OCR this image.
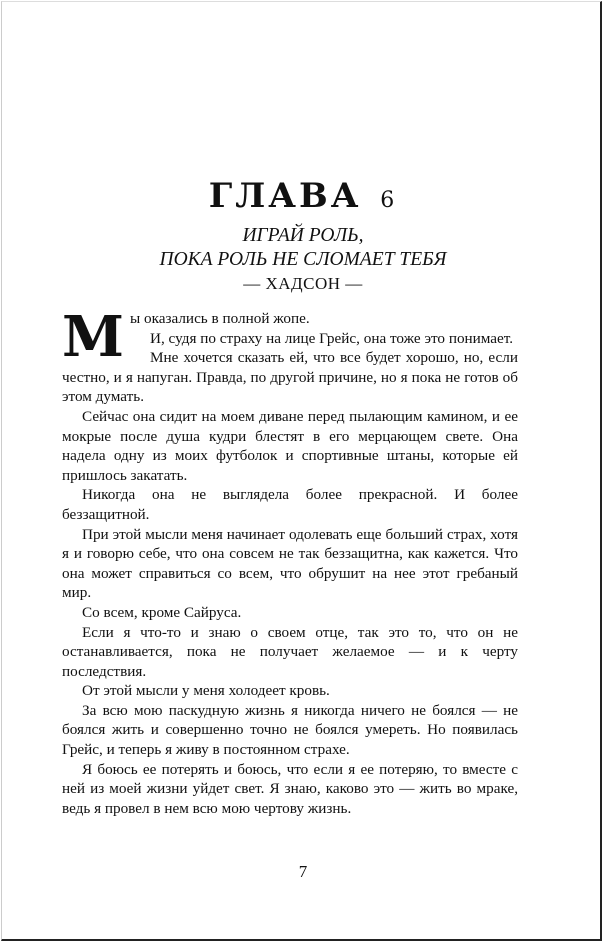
ГЛАВА 6
ИГРАЙ РОЛЬ,
ПОКА РОЛЬ НЕ СЛОМАЕТ ТЕБЯ
— ХАДСОН —

Мы оказались в полной жопе.

И, судя по страху на лице Грейс, она тоже это понимает.

Мне хочется сказать ей, что все будет хорошо, но, если честно, и я напуган. Правда, по другой причине, но я пока не готов об этом думать.

Сейчас она сидит на моем диване перед пылающим камином, и ее мокрые после душа кудри блестят в его мерцающем свете. Она надела одну из моих футболок и спортивные штаны, которые ей пришлось закатать.

Никогда она не выглядела более прекрасной. И более беззащитной.

При этой мысли меня начинает одолевать еще больший страх, хотя я и говорю себе, что она совсем не так беззащитна, как кажется. Что она может справиться со всем, что обрушит на нее этот гребаный мир.

Со всем, кроме Сайруса.

Если я что-то и знаю о своем отце, так это то, что он не останавливается, пока не получает желаемое — и к черту последствия.

От этой мысли у меня холодеет кровь.

За всю мою паскудную жизнь я никогда ничего не боялся — не боялся жить и совершенно точно не боялся умереть. Но появилась Грейс, и теперь я живу в постоянном страхе.

Я боюсь ее потерять и боюсь, что если я ее потеряю, то вместе с ней из моей жизни уйдет свет. Я знаю, каково это — жить во мраке, ведь я провел в нем всю мою чертову жизнь.

7
